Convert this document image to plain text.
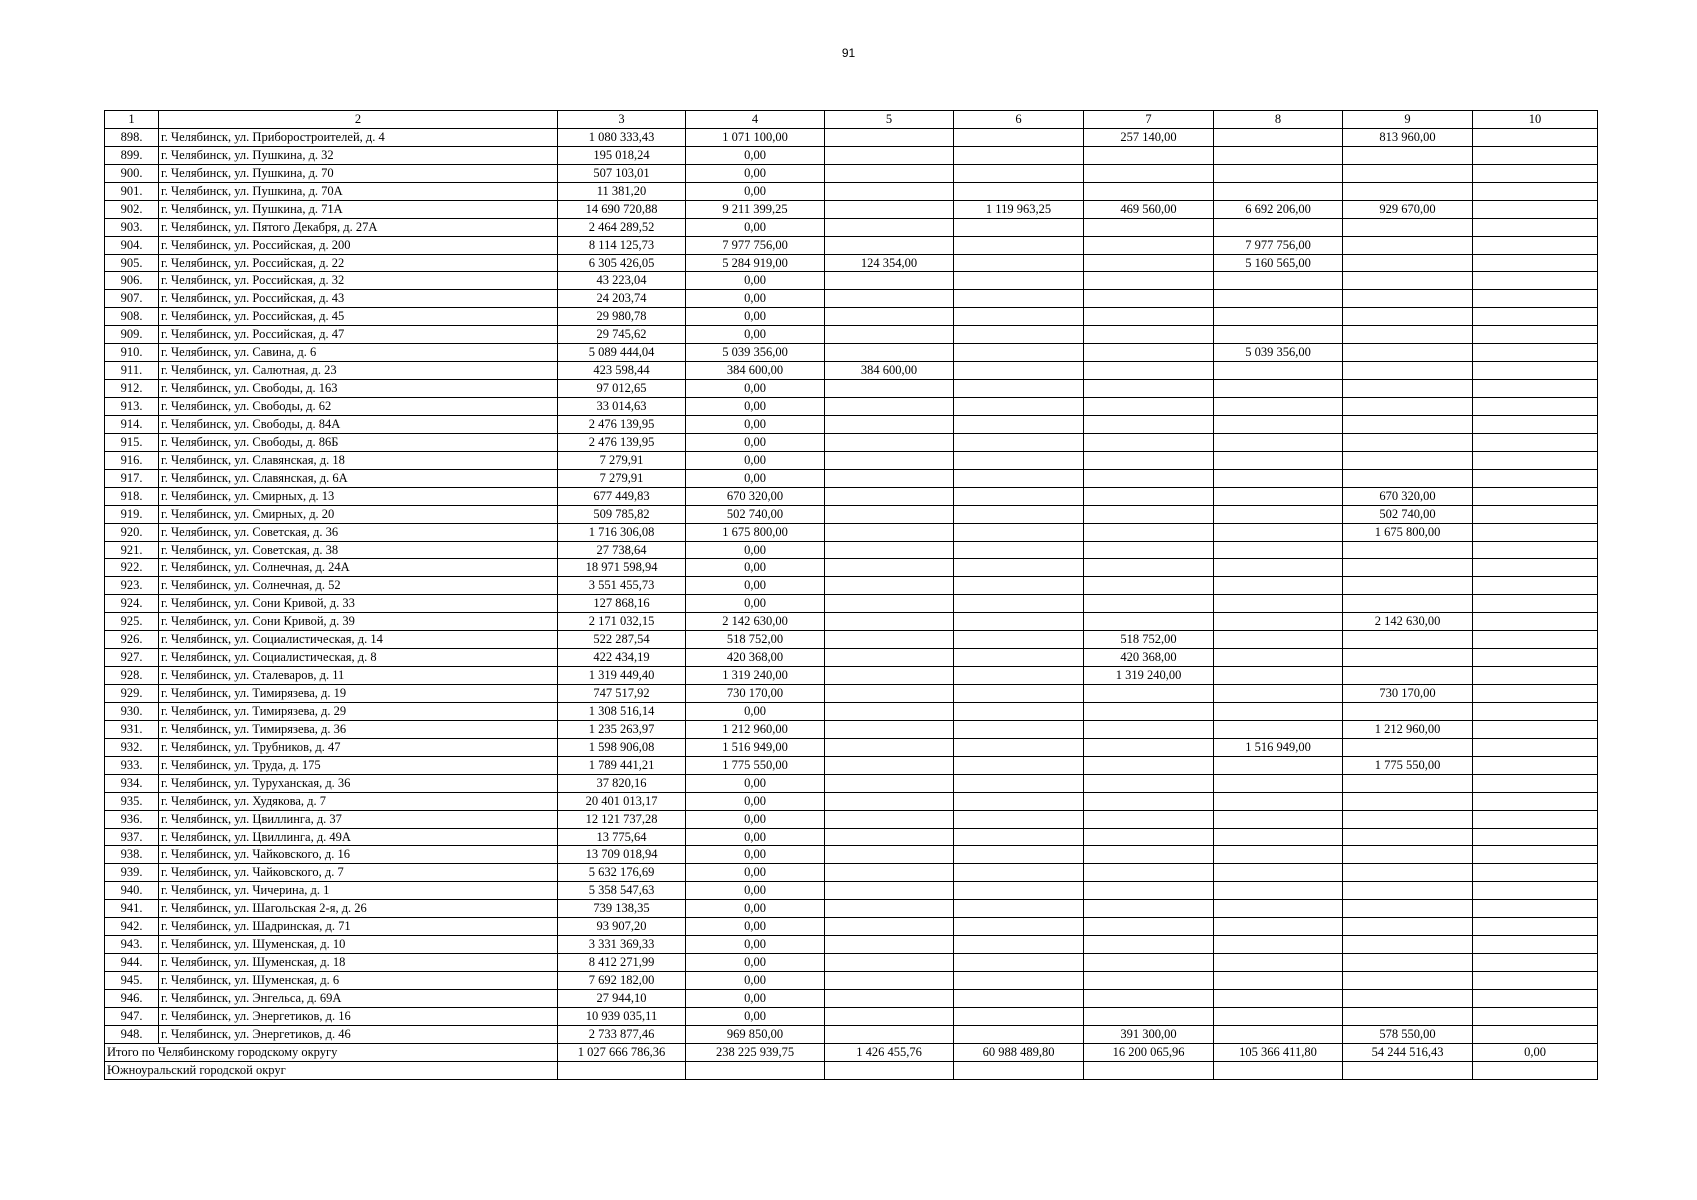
91
1	2	3	4	5	6	7	8	9	10
898.	г. Челябинск, ул. Приборостроителей, д. 4	1 080 333,43	1 071 100,00			257 140,00		813 960,00	
899.	г. Челябинск, ул. Пушкина, д. 32	195 018,24	0,00						
900.	г. Челябинск, ул. Пушкина, д. 70	507 103,01	0,00						
901.	г. Челябинск, ул. Пушкина, д. 70А	11 381,20	0,00						
902.	г. Челябинск, ул. Пушкина, д. 71А	14 690 720,88	9 211 399,25		1 119 963,25	469 560,00	6 692 206,00	929 670,00	
903.	г. Челябинск, ул. Пятого Декабря, д. 27А	2 464 289,52	0,00						
904.	г. Челябинск, ул. Российская, д. 200	8 114 125,73	7 977 756,00				7 977 756,00		
905.	г. Челябинск, ул. Российская, д. 22	6 305 426,05	5 284 919,00	124 354,00			5 160 565,00		
906.	г. Челябинск, ул. Российская, д. 32	43 223,04	0,00						
907.	г. Челябинск, ул. Российская, д. 43	24 203,74	0,00						
908.	г. Челябинск, ул. Российская, д. 45	29 980,78	0,00						
909.	г. Челябинск, ул. Российская, д. 47	29 745,62	0,00						
910.	г. Челябинск, ул. Савина, д. 6	5 089 444,04	5 039 356,00				5 039 356,00		
911.	г. Челябинск, ул. Салютная, д. 23	423 598,44	384 600,00	384 600,00					
912.	г. Челябинск, ул. Свободы, д. 163	97 012,65	0,00						
913.	г. Челябинск, ул. Свободы, д. 62	33 014,63	0,00						
914.	г. Челябинск, ул. Свободы, д. 84А	2 476 139,95	0,00						
915.	г. Челябинск, ул. Свободы, д. 86Б	2 476 139,95	0,00						
916.	г. Челябинск, ул. Славянская, д. 18	7 279,91	0,00						
917.	г. Челябинск, ул. Славянская, д. 6А	7 279,91	0,00						
918.	г. Челябинск, ул. Смирных, д. 13	677 449,83	670 320,00					670 320,00	
919.	г. Челябинск, ул. Смирных, д. 20	509 785,82	502 740,00					502 740,00	
920.	г. Челябинск, ул. Советская, д. 36	1 716 306,08	1 675 800,00					1 675 800,00	
921.	г. Челябинск, ул. Советская, д. 38	27 738,64	0,00						
922.	г. Челябинск, ул. Солнечная, д. 24А	18 971 598,94	0,00						
923.	г. Челябинск, ул. Солнечная, д. 52	3 551 455,73	0,00						
924.	г. Челябинск, ул. Сони Кривой, д. 33	127 868,16	0,00						
925.	г. Челябинск, ул. Сони Кривой, д. 39	2 171 032,15	2 142 630,00					2 142 630,00	
926.	г. Челябинск, ул. Социалистическая, д. 14	522 287,54	518 752,00			518 752,00			
927.	г. Челябинск, ул. Социалистическая, д. 8	422 434,19	420 368,00			420 368,00			
928.	г. Челябинск, ул. Сталеваров, д. 11	1 319 449,40	1 319 240,00			1 319 240,00			
929.	г. Челябинск, ул. Тимирязева, д. 19	747 517,92	730 170,00					730 170,00	
930.	г. Челябинск, ул. Тимирязева, д. 29	1 308 516,14	0,00						
931.	г. Челябинск, ул. Тимирязева, д. 36	1 235 263,97	1 212 960,00					1 212 960,00	
932.	г. Челябинск, ул. Трубников, д. 47	1 598 906,08	1 516 949,00				1 516 949,00		
933.	г. Челябинск, ул. Труда, д. 175	1 789 441,21	1 775 550,00					1 775 550,00	
934.	г. Челябинск, ул. Туруханская, д. 36	37 820,16	0,00						
935.	г. Челябинск, ул. Худякова, д. 7	20 401 013,17	0,00						
936.	г. Челябинск, ул. Цвиллинга, д. 37	12 121 737,28	0,00						
937.	г. Челябинск, ул. Цвиллинга, д. 49А	13 775,64	0,00						
938.	г. Челябинск, ул. Чайковского, д. 16	13 709 018,94	0,00						
939.	г. Челябинск, ул. Чайковского, д. 7	5 632 176,69	0,00						
940.	г. Челябинск, ул. Чичерина, д. 1	5 358 547,63	0,00						
941.	г. Челябинск, ул. Шагольская 2-я, д. 26	739 138,35	0,00						
942.	г. Челябинск, ул. Шадринская, д. 71	93 907,20	0,00						
943.	г. Челябинск, ул. Шуменская, д. 10	3 331 369,33	0,00						
944.	г. Челябинск, ул. Шуменская, д. 18	8 412 271,99	0,00						
945.	г. Челябинск, ул. Шуменская, д. 6	7 692 182,00	0,00						
946.	г. Челябинск, ул. Энгельса, д. 69А	27 944,10	0,00						
947.	г. Челябинск, ул. Энергетиков, д. 16	10 939 035,11	0,00						
948.	г. Челябинск, ул. Энергетиков, д. 46	2 733 877,46	969 850,00			391 300,00		578 550,00	
Итого по Челябинскому городскому округу		1 027 666 786,36	238 225 939,75	1 426 455,76	60 988 489,80	16 200 065,96	105 366 411,80	54 244 516,43	0,00
Южноуральский городской округ									
